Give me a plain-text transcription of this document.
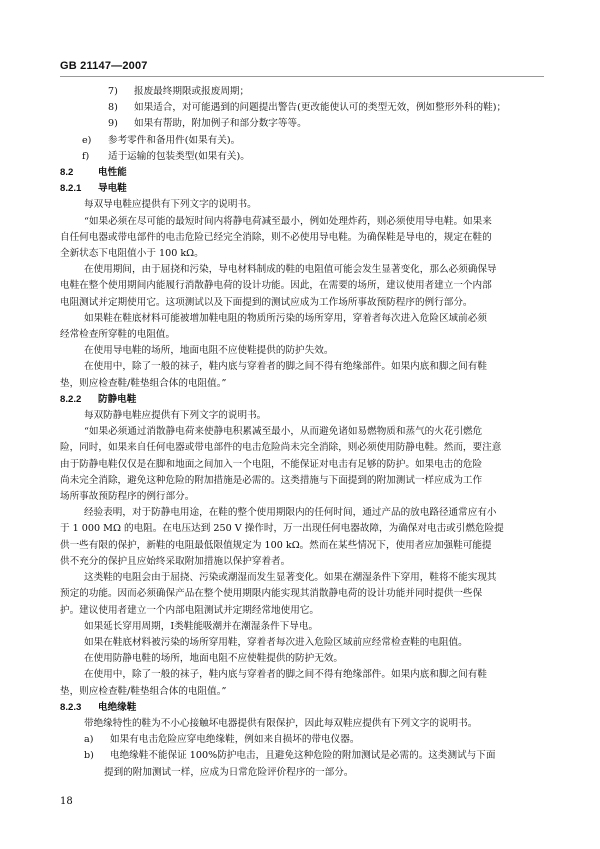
GB 21147—2007
7) 报废最终期限或报废周期；
8) 如果适合，对可能遇到的问题提出警告(更改能使认可的类型无效，例如整形外科的鞋)；
9) 如果有帮助，附加例子和部分数字等等。
e) 参考零件和备用件(如果有关)。
f) 适于运输的包装类型(如果有关)。
8.2	电性能
8.2.1 导电鞋
每双导电鞋应提供有下列文字的说明书。
“如果必须在尽可能的最短时间内将静电荷减至最小，例如处理炸药，则必须使用导电鞋。如果来
自任何电器或带电部件的电击危险已经完全消除，则不必使用导电鞋。为确保鞋是导电的，规定在鞋的
全新状态下电阻值小于 100 kΩ。
在使用期间，由于屈挠和污染，导电材料制成的鞋的电阻值可能会发生显著变化，那么必须确保导
电鞋在整个使用期间内能履行消散静电荷的设计功能。因此，在需要的场所，建议使用者建立一个内部
电阻测试并定期使用它。这项测试以及下面提到的测试应成为工作场所事故预防程序的例行部分。
如果鞋在鞋底材料可能被增加鞋电阻的物质所污染的场所穿用，穿着者每次进入危险区域前必须
经常检查所穿鞋的电阻值。
在使用导电鞋的场所，地面电阻不应使鞋提供的防护失效。
在使用中，除了一般的袜子，鞋内底与穿着者的脚之间不得有绝缘部件。如果内底和脚之间有鞋
垫，则应检查鞋/鞋垫组合体的电阻值。”
8.2.2 防静电鞋
每双防静电鞋应提供有下列文字的说明书。
“如果必须通过消散静电荷来使静电积累减至最小，从而避免诸如易燃物质和蒸气的火花引燃危
险，同时，如果来自任何电器或带电部件的电击危险尚未完全消除，则必须使用防静电鞋。然而，要注意
由于防静电鞋仅仅是在脚和地面之间加入一个电阻，不能保证对电击有足够的防护。如果电击的危险
尚未完全消除，避免这种危险的附加措施是必需的。这类措施与下面提到的附加测试一样应成为工作
场所事故预防程序的例行部分。
经验表明，对于防静电用途，在鞋的整个使用期限内的任何时间，通过产品的放电路径通常应有小
于 1 000 MΩ 的电阻。在电压达到 250 V 操作时，万一出现任何电器故障，为确保对电击或引燃危险提
供一些有限的保护，新鞋的电阻最低限值规定为 100 kΩ。然而在某些情况下，使用者应加强鞋可能提
供不充分的保护且应始终采取附加措施以保护穿着者。
这类鞋的电阻会由于屈挠、污染或潮湿而发生显著变化。如果在潮湿条件下穿用，鞋将不能实现其
预定的功能。因而必须确保产品在整个使用期限内能实现其消散静电荷的设计功能并同时提供一些保
护。建议使用者建立一个内部电阻测试并定期经常地使用它。
如果延长穿用周期，Ⅰ类鞋能吸潮并在潮湿条件下导电。
如果在鞋底材料被污染的场所穿用鞋，穿着者每次进入危险区域前应经常检查鞋的电阻值。
在使用防静电鞋的场所，地面电阻不应使鞋提供的防护无效。
在使用中，除了一般的袜子，鞋内底与穿着者的脚之间不得有绝缘部件。如果内底和脚之间有鞋
垫，则应检查鞋/鞋垫组合体的电阻值。”
8.2.3 电绝缘鞋
带绝缘特性的鞋为不小心接触坏电器提供有限保护，因此每双鞋应提供有下列文字的说明书。
a) 如果有电击危险应穿电绝缘鞋，例如来自损坏的带电仪器。
b) 电绝缘鞋不能保证 100%防护电击，且避免这种危险的附加测试是必需的。这类测试与下面
提到的附加测试一样，应成为日常危险评价程序的一部分。
18
